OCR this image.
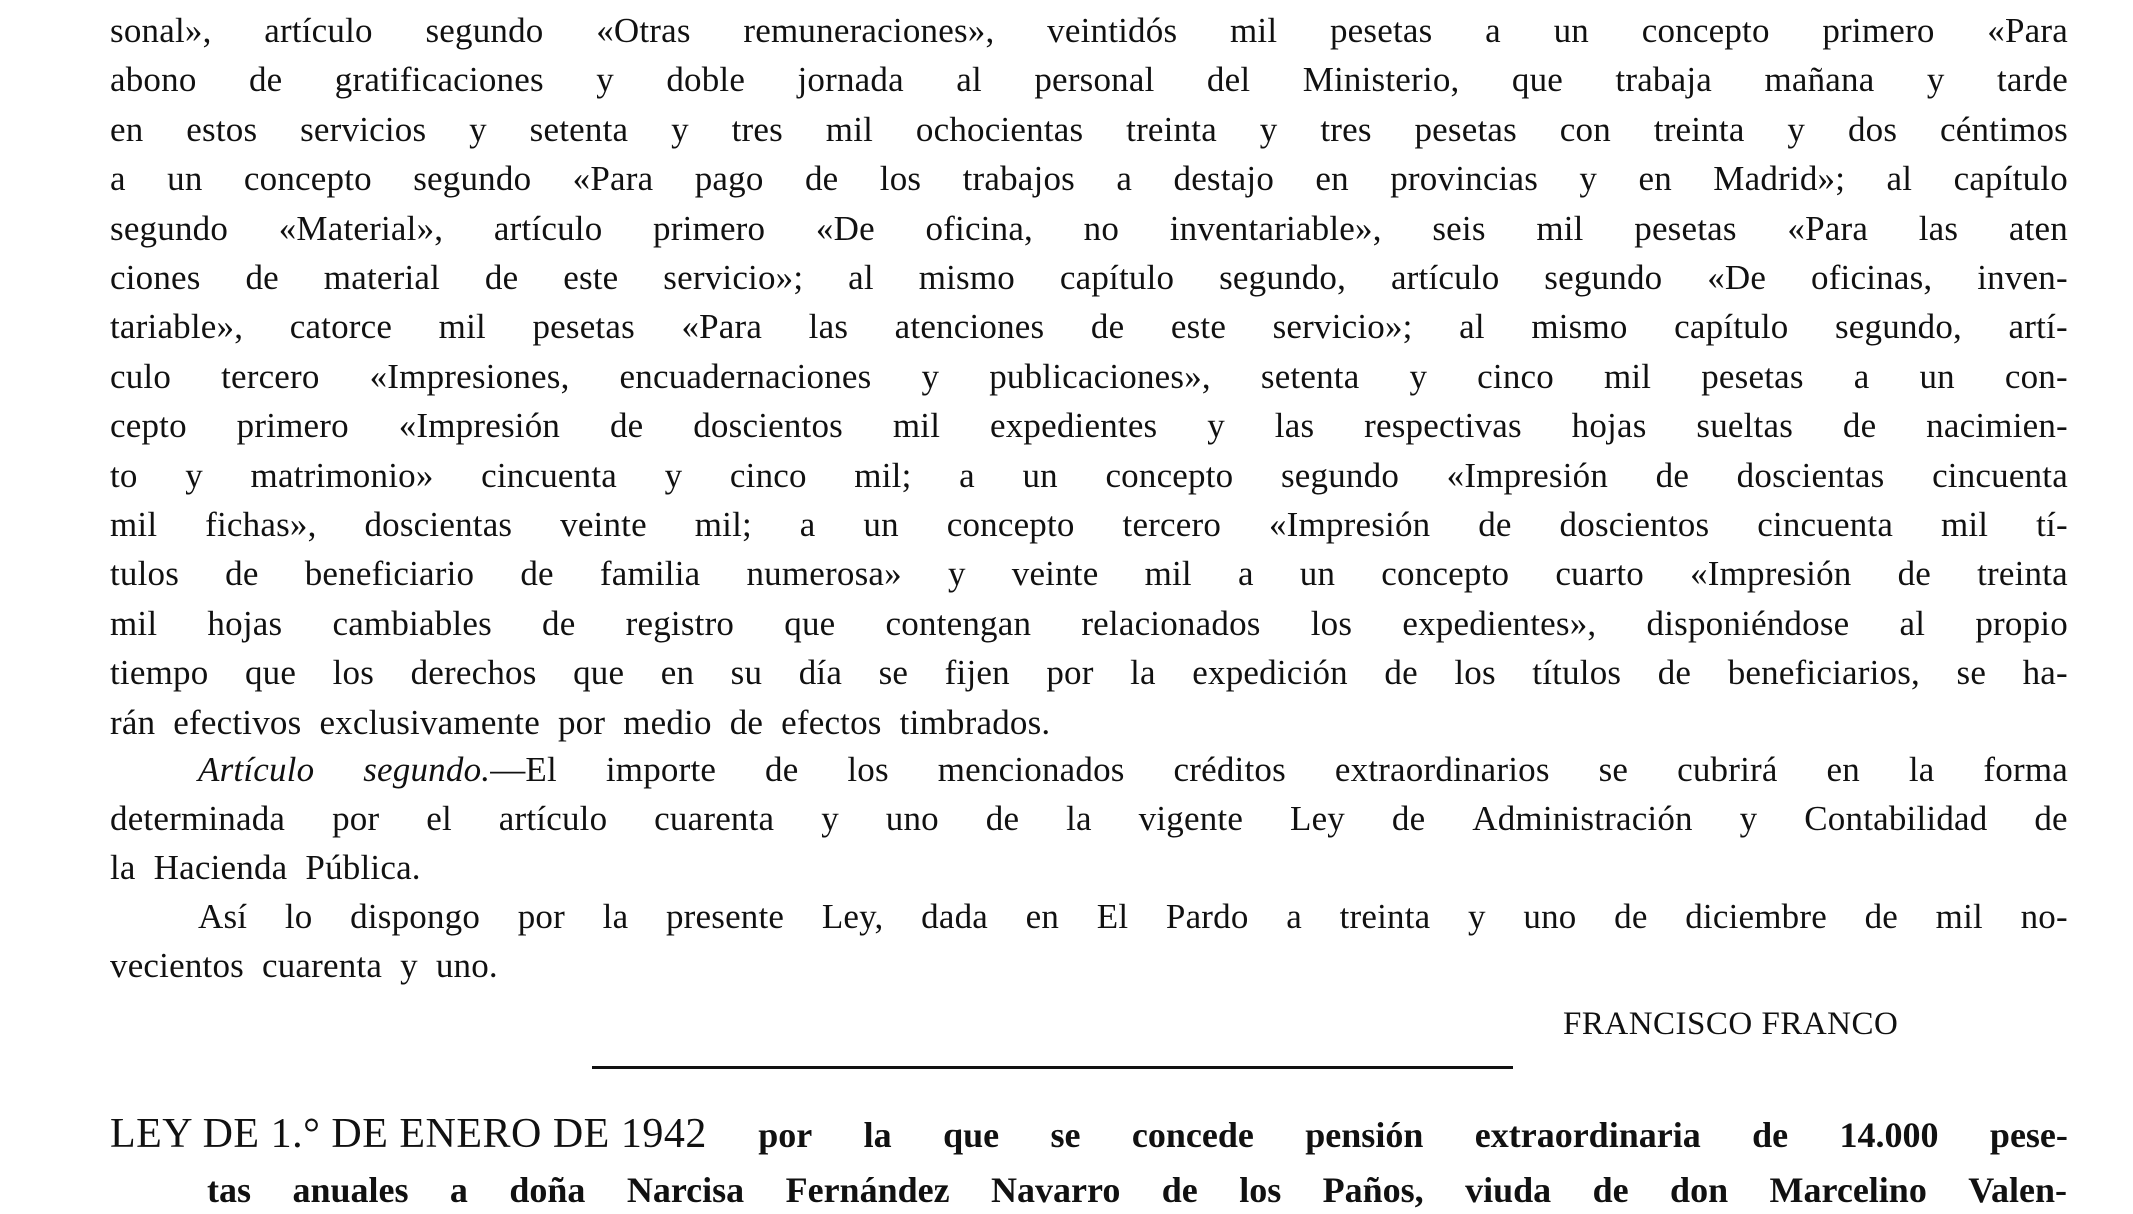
sonal», artículo segundo «Otras remuneraciones», veintidós mil pesetas a un concepto primero «Para
abono de gratificaciones y doble jornada al personal del Ministerio, que trabaja mañana y tarde
en estos servicios y setenta y tres mil ochocientas treinta y tres pesetas con treinta y dos céntimos
a un concepto segundo «Para pago de los trabajos a destajo en provincias y en Madrid»; al capítulo
segundo «Material», artículo primero «De oficina, no inventariable», seis mil pesetas «Para las aten
ciones de material de este servicio»; al mismo capítulo segundo, artículo segundo «De oficinas, inven-
tariable», catorce mil pesetas «Para las atenciones de este servicio»; al mismo capítulo segundo, artí-
culo tercero «Impresiones, encuadernaciones y publicaciones», setenta y cinco mil pesetas a un con-
cepto primero «Impresión de doscientos mil expedientes y las respectivas hojas sueltas de nacimien-
to y matrimonio» cincuenta y cinco mil; a un concepto segundo «Impresión de doscientas cincuenta
mil fichas», doscientas veinte mil; a un concepto tercero «Impresión de doscientos cincuenta mil tí-
tulos de beneficiario de familia numerosa» y veinte mil a un concepto cuarto «Impresión de treinta
mil hojas cambiables de registro que contengan relacionados los expedientes», disponiéndose al propio
tiempo que los derechos que en su día se fijen por la expedición de los títulos de beneficiarios, se ha-
rán efectivos exclusivamente por medio de efectos timbrados.
Artículo segundo.—El importe de los mencionados créditos extraordinarios se cubrirá en la forma
determinada por el artículo cuarenta y uno de la vigente Ley de Administración y Contabilidad de
la Hacienda Pública.
Así lo dispongo por la presente Ley, dada en El Pardo a treinta y uno de diciembre de mil no-
vecientos cuarenta y uno.
FRANCISCO FRANCO
LEY DE 1.° DE ENERO DE 1942 por la que se concede pensión extraordinaria de 14.000 pese-
tas anuales a doña Narcisa Fernández Navarro de los Paños, viuda de don Marcelino Valen-
